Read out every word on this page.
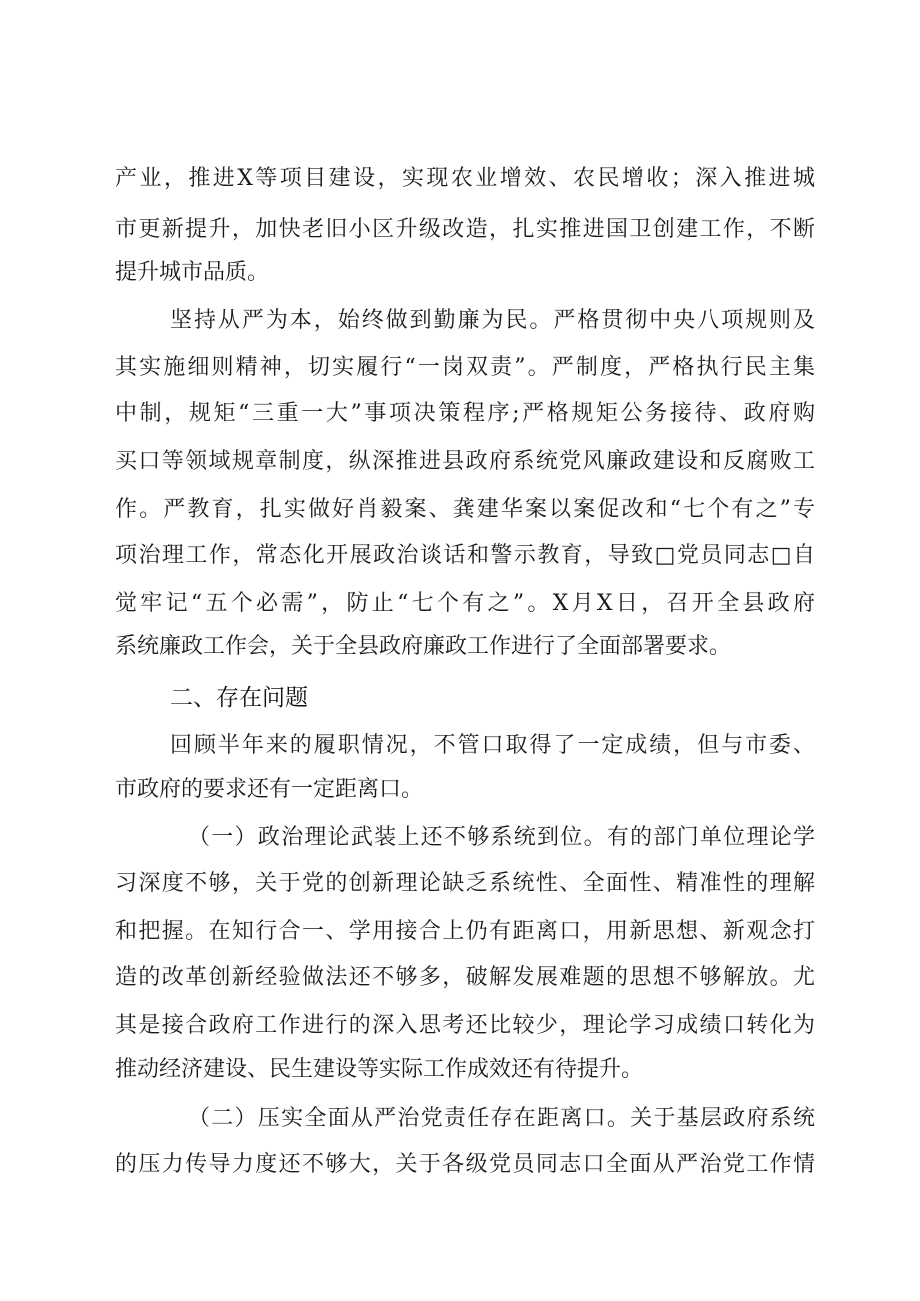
产业，推进X等项目建设，实现农业增效、农民增收；深入推进城
市更新提升，加快老旧小区升级改造，扎实推进国卫创建工作，不断
提升城市品质。
坚持从严为本，始终做到勤廉为民。严格贯彻中央八项规则及
其实施细则精神，切实履行“一岗双责”。严制度，严格执行民主集
中制，规矩“三重一大”事项决策程序;严格规矩公务接待、政府购
买口等领域规章制度，纵深推进县政府系统党风廉政建设和反腐败工
作。严教育，扎实做好肖毅案、龚建华案以案促改和“七个有之”专
项治理工作，常态化开展政治谈话和警示教育，导致□党员同志□自
觉牢记“五个必需”，防止“七个有之”。X月X日，召开全县政府
系统廉政工作会，关于全县政府廉政工作进行了全面部署要求。
二、存在问题
回顾半年来的履职情况，不管口取得了一定成绩，但与市委、
市政府的要求还有一定距离口。
（一）政治理论武装上还不够系统到位。有的部门单位理论学
习深度不够，关于党的创新理论缺乏系统性、全面性、精准性的理解
和把握。在知行合一、学用接合上仍有距离口，用新思想、新观念打
造的改革创新经验做法还不够多，破解发展难题的思想不够解放。尤
其是接合政府工作进行的深入思考还比较少，理论学习成绩口转化为
推动经济建设、民生建设等实际工作成效还有待提升。
（二）压实全面从严治党责任存在距离口。关于基层政府系统
的压力传导力度还不够大，关于各级党员同志口全面从严治党工作情
